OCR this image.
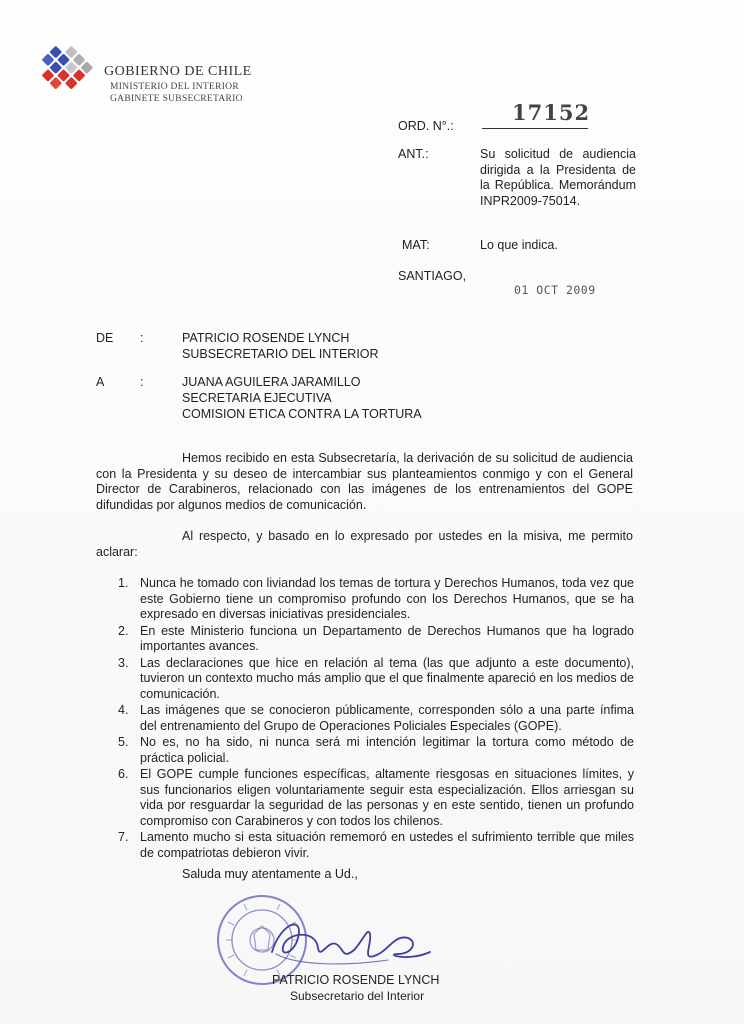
GOBIERNO DE CHILE
MINISTERIO DEL INTERIOR
GABINETE SUBSECRETARIO
ORD. N°.:
17152
ANT.:	Su solicitud de audiencia dirigida a la Presidenta de la República. Memorándum INPR2009-75014.
MAT:	Lo que indica.
SANTIAGO,
01 OCT 2009
DE :	PATRICIO ROSENDE LYNCH
SUBSECRETARIO DEL INTERIOR
A	:	JUANA AGUILERA JARAMILLO
SECRETARIA EJECUTIVA
COMISION ETICA CONTRA LA TORTURA
Hemos recibido en esta Subsecretaría, la derivación de su solicitud de audiencia con la Presidenta y su deseo de intercambiar sus planteamientos conmigo y con el General Director de Carabineros, relacionado con las imágenes de los entrenamientos del GOPE difundidas por algunos medios de comunicación.
Al respecto, y basado en lo expresado por ustedes en la misiva, me permito aclarar:
1. Nunca he tomado con liviandad los temas de tortura y Derechos Humanos, toda vez que este Gobierno tiene un compromiso profundo con los Derechos Humanos, que se ha expresado en diversas iniciativas presidenciales.
2. En este Ministerio funciona un Departamento de Derechos Humanos que ha logrado importantes avances.
3. Las declaraciones que hice en relación al tema (las que adjunto a este documento), tuvieron un contexto mucho más amplio que el que finalmente apareció en los medios de comunicación.
4. Las imágenes que se conocieron públicamente, corresponden sólo a una parte ínfima del entrenamiento del Grupo de Operaciones Policiales Especiales (GOPE).
5. No es, no ha sido, ni nunca será mi intención legitimar la tortura como método de práctica policial.
6. El GOPE cumple funciones específicas, altamente riesgosas en situaciones límites, y sus funcionarios eligen voluntariamente seguir esta especialización. Ellos arriesgan su vida por resguardar la seguridad de las personas y en este sentido, tienen un profundo compromiso con Carabineros y con todos los chilenos.
7. Lamento mucho si esta situación rememoró en ustedes el sufrimiento terrible que miles de compatriotas debieron vivir.
Saluda muy atentamente a Ud.,
PATRICIO ROSENDE LYNCH
Subsecretario del Interior
